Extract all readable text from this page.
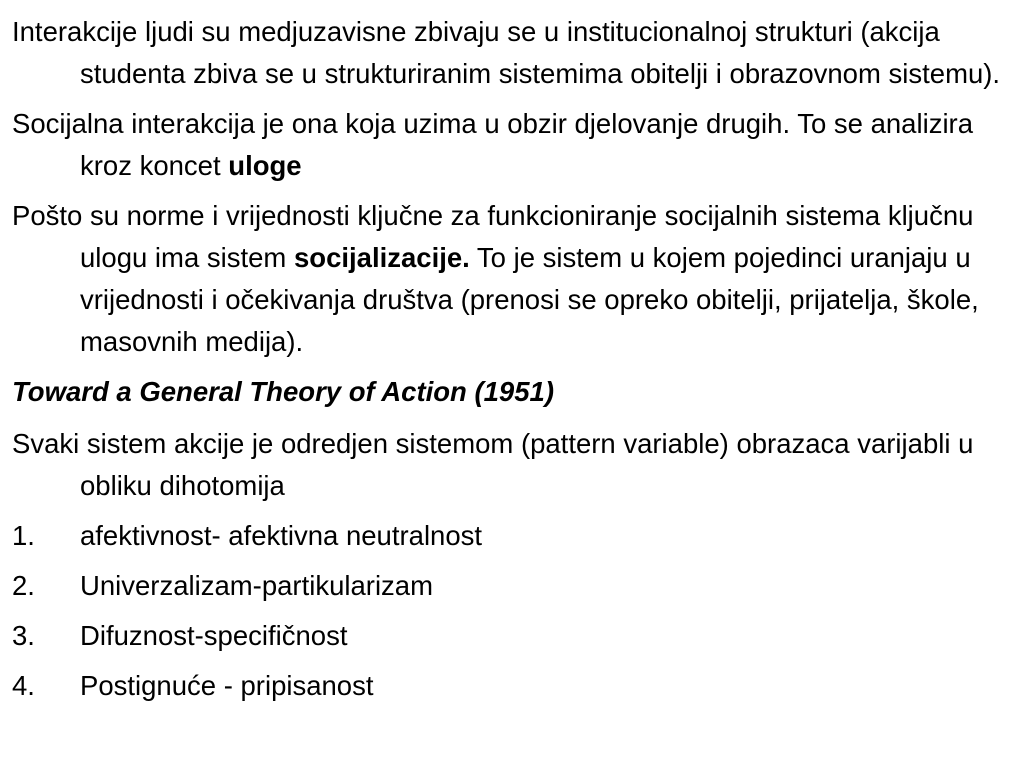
Interakcije ljudi su medjuzavisne zbivaju se u institucionalnoj strukturi (akcija studenta zbiva se u strukturiranim sistemima obitelji i obrazovnom sistemu).

Socijalna interakcija je ona koja uzima u obzir djelovanje drugih. To se analizira kroz koncet uloge

Pošto su norme i vrijednosti ključne za funkcioniranje socijalnih sistema ključnu ulogu ima sistem socijalizacije. To je sistem u kojem pojedinci uranjaju u vrijednosti i očekivanja društva (prenosi se opreko obitelji, prijatelja, škole, masovnih medija).

Toward a General Theory of Action (1951)

Svaki sistem akcije je odredjen sistemom (pattern variable) obrazaca varijabli u obliku dihotomija

1. afektivnost- afektivna neutralnost
2. Univerzalizam-partikularizam
3. Difuznost-specifičnost
4. Postignuće - pripisanost
